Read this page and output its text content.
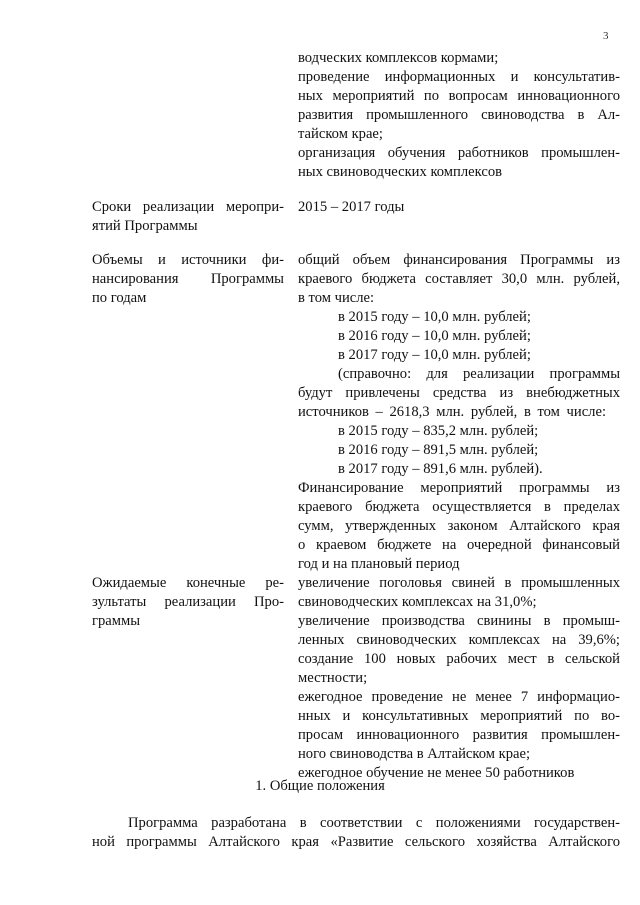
3
водческих комплексов кормами;
проведение информационных и консультатив-
ных мероприятий по вопросам инновационного
развития промышленного свиноводства в Ал-
тайском крае;
организация обучения работников промышлен-
ных свиноводческих комплексов
Сроки реализации меропри-
ятий Программы
2015 – 2017 годы
Объемы и источники фи-
нансирования Программы
по годам
общий объем финансирования Программы из
краевого бюджета составляет 30,0 млн. рублей,
в том числе:
в 2015 году – 10,0 млн. рублей;
в 2016 году – 10,0 млн. рублей;
в 2017 году – 10,0 млн. рублей;
(справочно: для реализации программы
будут привлечены средства из внебюджетных
источников – 2618,3 млн. рублей, в том числе:
в 2015 году – 835,2 млн. рублей;
в 2016 году – 891,5 млн. рублей;
в 2017 году – 891,6 млн. рублей).
Финансирование мероприятий программы из
краевого бюджета осуществляется в пределах
сумм, утвержденных законом Алтайского края
о краевом бюджете на очередной финансовый
год и на плановый период
Ожидаемые конечные ре-
зультаты реализации Про-
граммы
увеличение поголовья свиней в промышленных
свиноводческих комплексах на 31,0%;
увеличение производства свинины в промыш-
ленных свиноводческих комплексах на 39,6%;
создание 100 новых рабочих мест в сельской
местности;
ежегодное проведение не менее 7 информацио-
нных и консультативных мероприятий по во-
просам инновационного развития промышлен-
ного свиноводства в Алтайском крае;
ежегодное обучение не менее 50 работников
1. Общие положения
Программа разработана в соответствии с положениями государствен-
ной программы Алтайского края «Развитие сельского хозяйства Алтайского
